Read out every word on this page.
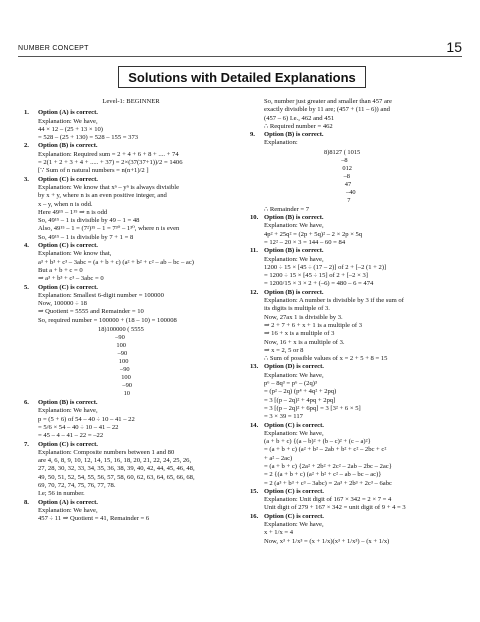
NUMBER CONCEPT	15
Solutions with Detailed Explanations
Level-1: BEGINNER
1. Option (A) is correct.
Explanation: We have,
44 × 12 – (25 + 13 × 10)
= 528 – (25 + 130) = 528 – 155 = 373
2. Option (B) is correct.
Explanation: Required sum = 2 + 4 + 6 + 8 + .... + 74
= 2(1 + 2 + 3 + 4 + ..... + 37) = 2×(37(37+1))/2 = 1406
[∵ Sum of n natural numbers = n(n+1)/2 ]
3. Option (C) is correct.
Explanation: We know that xⁿ – yⁿ is always divisible
by x + y, where n is an even positive integer, and
x – y, when n is odd.
Here 49¹⁵ – 1¹⁵ ⇒ n is odd
So, 49¹⁵ – 1 is divisible by 49 – 1 = 48
Also, 49¹⁵ – 1 = (7²)¹⁵ – 1 = 7³⁰ – 1³⁰, where n is even
So, 49¹⁵ – 1 is divisible by 7 + 1 = 8
4. Option (C) is correct.
Explanation: We know that,
a³ + b³ + c³ – 3abc = (a + b + c) (a² + b² + c² – ab – bc – ac)
But a + b + c = 0
⇒ a³ + b³ + c³ – 3abc = 0
5. Option (C) is correct.
Explanation: Smallest 6-digit number = 100000
Now, 100000 ÷ 18
⇒ Quotient = 5555 and Remainder = 10
So, required number = 100000 + (18 – 10) = 100008
18)100000 ( 5555
–90
100
–90
100
–90
100
–90
10
6. Option (B) is correct.
Explanation: We have,
p = (5 + 6) of 54 – 40 ÷ 10 – 41 – 22
= 5/6 × 54 – 40 ÷ 10 – 41 – 22
= 45 – 4 – 41 – 22 = –22
7. Option (C) is correct.
Explanation: Composite numbers between 1 and 80
are 4, 6, 8, 9, 10, 12, 14, 15, 16, 18, 20, 21, 22, 24, 25, 26,
27, 28, 30, 32, 33, 34, 35, 36, 38, 39, 40, 42, 44, 45, 46, 48,
49, 50, 51, 52, 54, 55, 56, 57, 58, 60, 62, 63, 64, 65, 66, 68,
69, 70, 72, 74, 75, 76, 77, 78.
I.e; 56 in number.
8. Option (A) is correct.
Explanation: We have,
457 ÷ 11 ⇒ Quotient = 41, Remainder = 6
So, number just greater and smaller than 457 are
exactly divisible by 11 are; (457 + (11 – 6)) and
(457 – 6) I.e., 462 and 451
∴ Required number = 462
9. Option (B) is correct.
Explanation:
8)8127 ( 1015
–8
012
–8
47
–40
7
∴ Remainder = 7
10. Option (B) is correct.
Explanation: We have,
4p² + 25q² = (2p + 5q)² – 2 × 2p × 5q
= 12² – 20 × 3 = 144 – 60 = 84
11. Option (B) is correct.
Explanation: We have,
1200 ÷ 15 × [45 ÷ (17 – 2)] of 2 + [–2 (1 + 2)]
= 1200 ÷ 15 × [45 ÷ 15] of 2 + [–2 × 3]
= 1200/15 × 3 × 2 + (–6) = 480 – 6 = 474
12. Option (B) is correct.
Explanation: A number is divisible by 3 if the sum of
its digits is multiple of 3.
Now, 27ax 1 is divisible by 3.
⇒ 2 + 7 + 6 + x + 1 is a multiple of 3
⇒ 16 + x is a multiple of 3
Now, 16 + x is a multiple of 3.
⇒ x = 2, 5 or 8
∴ Sum of possible values of x = 2 + 5 + 8 = 15
13. Option (D) is correct.
Explanation: We have,
p⁶ – 8q³ = p⁶ – (2q)³
= (p² – 2q) (p⁴ + 4q² + 2pq)
= 3 [(p – 2q)² + 4pq + 2pq]
= 3 [(p – 2q)² + 6pq] = 3 [3² + 6 × 5]
= 3 × 39 = 117
14. Option (C) is correct.
Explanation: We have,
(a + b + c) {(a – b)² + (b – c)² + (c – a)²}
= (a + b + c) (a² + b² – 2ab + b² + c² – 2bc + c²
+ a² – 2ac)
= (a + b + c) {2a² + 2b² + 2c² – 2ab – 2bc – 2ac}
= 2 {(a + b + c) (a² + b² + c² – ab – bc – ac)}
= 2 (a³ + b³ + c³ – 3abc) = 2a³ + 2b³ + 2c³ – 6abc
15. Option (C) is correct.
Explanation: Unit digit of 167 × 342 = 2 × 7 = 4
Unit digit of 279 + 167 × 342 = unit digit of 9 + 4 = 3
16. Option (C) is correct.
Explanation: We have,
x + 1/x = 4
Now, x³ + 1/x³ = (x + 1/x)(x³ + 1/x³) – (x + 1/x)
